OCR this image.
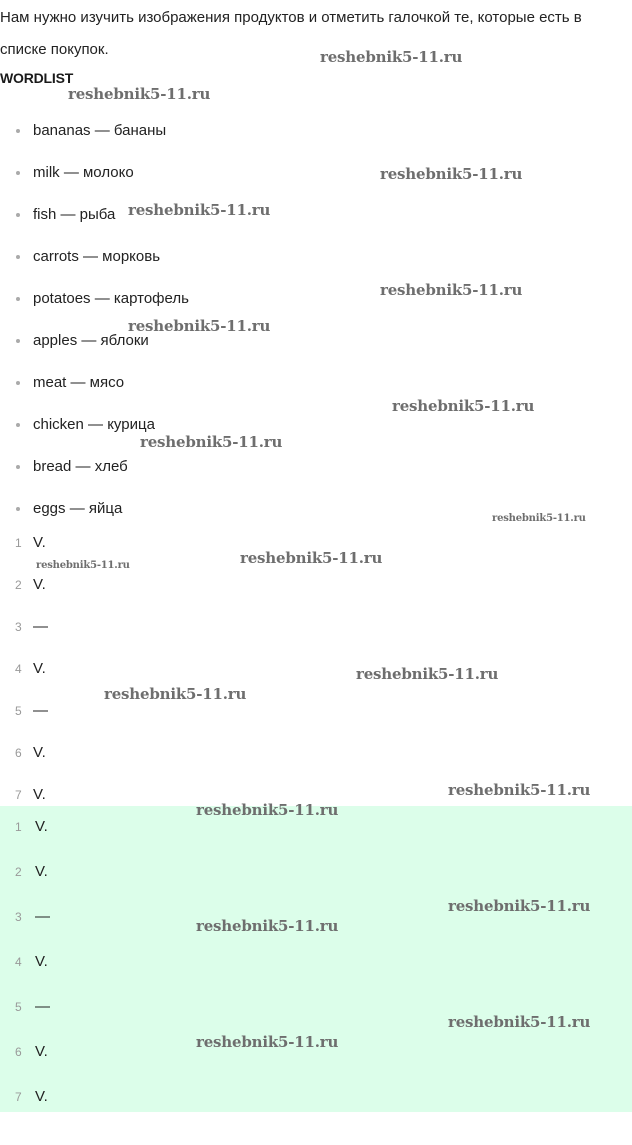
Нам нужно изучить изображения продуктов и отметить галочкой те, которые есть в списке покупок.

WORDLIST
bananas — бананы
milk — молоко
fish — рыба
carrots — морковь
potatoes — картофель
apples — яблоки
meat — мясо
chicken — курица
bread — хлеб
eggs — яйца
1 V.
2 V.
3 —
4 V.
5 —
6 V.
7 V.
1 V.
2 V.
3 —
4 V.
5 —
6 V.
7 V.
reshebnik5-11.ru
reshebnik5-11.ru
reshebnik5-11.ru
reshebnik5-11.ru
reshebnik5-11.ru
reshebnik5-11.ru
reshebnik5-11.ru
reshebnik5-11.ru
reshebnik5-11.ru
reshebnik5-11.ru	reshebnik5-11.ru
reshebnik5-11.ru
reshebnik5-11.ru
reshebnik5-11.ru
reshebnik5-11.ru
reshebnik5-11.ru
reshebnik5-11.ru
reshebnik5-11.ru
reshebnik5-11.ru
